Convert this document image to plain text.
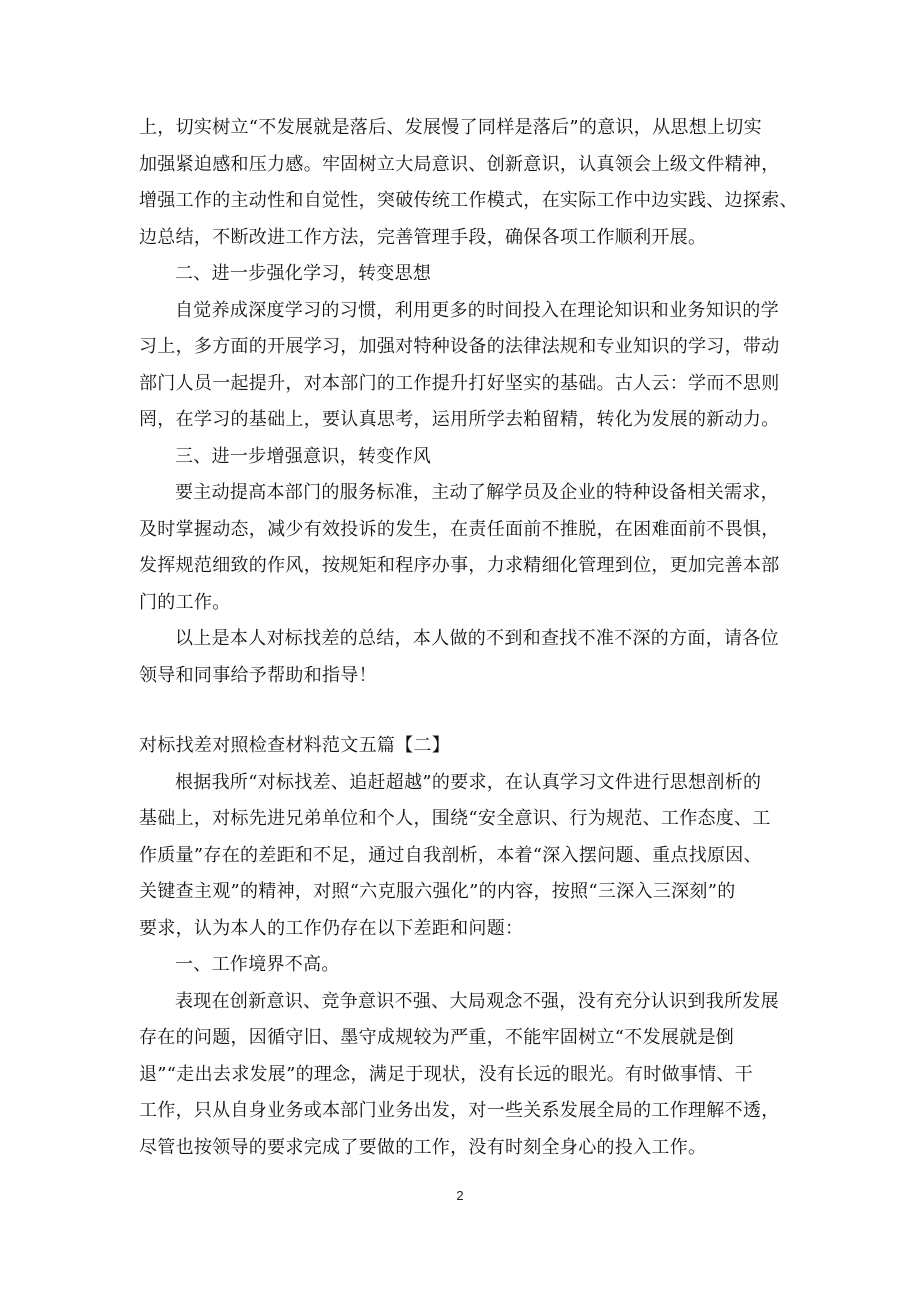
上，切实树立“不发展就是落后、发展慢了同样是落后”的意识，从思想上切实
加强紧迫感和压力感。牢固树立大局意识、创新意识，认真领会上级文件精神，
增强工作的主动性和自觉性，突破传统工作模式，在实际工作中边实践、边探索、
边总结，不断改进工作方法，完善管理手段，确保各项工作顺利开展。
二、进一步强化学习，转变思想
自觉养成深度学习的习惯，利用更多的时间投入在理论知识和业务知识的学
习上，多方面的开展学习，加强对特种设备的法律法规和专业知识的学习，带动
部门人员一起提升，对本部门的工作提升打好坚实的基础。古人云：学而不思则
罔，在学习的基础上，要认真思考，运用所学去粕留精，转化为发展的新动力。
三、进一步增强意识，转变作风
要主动提高本部门的服务标准，主动了解学员及企业的特种设备相关需求，
及时掌握动态，减少有效投诉的发生，在责任面前不推脱，在困难面前不畏惧，
发挥规范细致的作风，按规矩和程序办事，力求精细化管理到位，更加完善本部
门的工作。
以上是本人对标找差的总结，本人做的不到和查找不准不深的方面，请各位
领导和同事给予帮助和指导！
对标找差对照检查材料范文五篇【二】
根据我所“对标找差、追赶超越”的要求，在认真学习文件进行思想剖析的
基础上，对标先进兄弟单位和个人，围绕“安全意识、行为规范、工作态度、工
作质量”存在的差距和不足，通过自我剖析，本着“深入摆问题、重点找原因、
关键查主观”的精神，对照“六克服六强化”的内容，按照“三深入三深刻”的
要求，认为本人的工作仍存在以下差距和问题：
一、工作境界不高。
表现在创新意识、竞争意识不强、大局观念不强，没有充分认识到我所发展
存在的问题，因循守旧、墨守成规较为严重，不能牢固树立“不发展就是倒
退”“走出去求发展”的理念，满足于现状，没有长远的眼光。有时做事情、干
工作，只从自身业务或本部门业务出发，对一些关系发展全局的工作理解不透，
尽管也按领导的要求完成了要做的工作，没有时刻全身心的投入工作。
2
